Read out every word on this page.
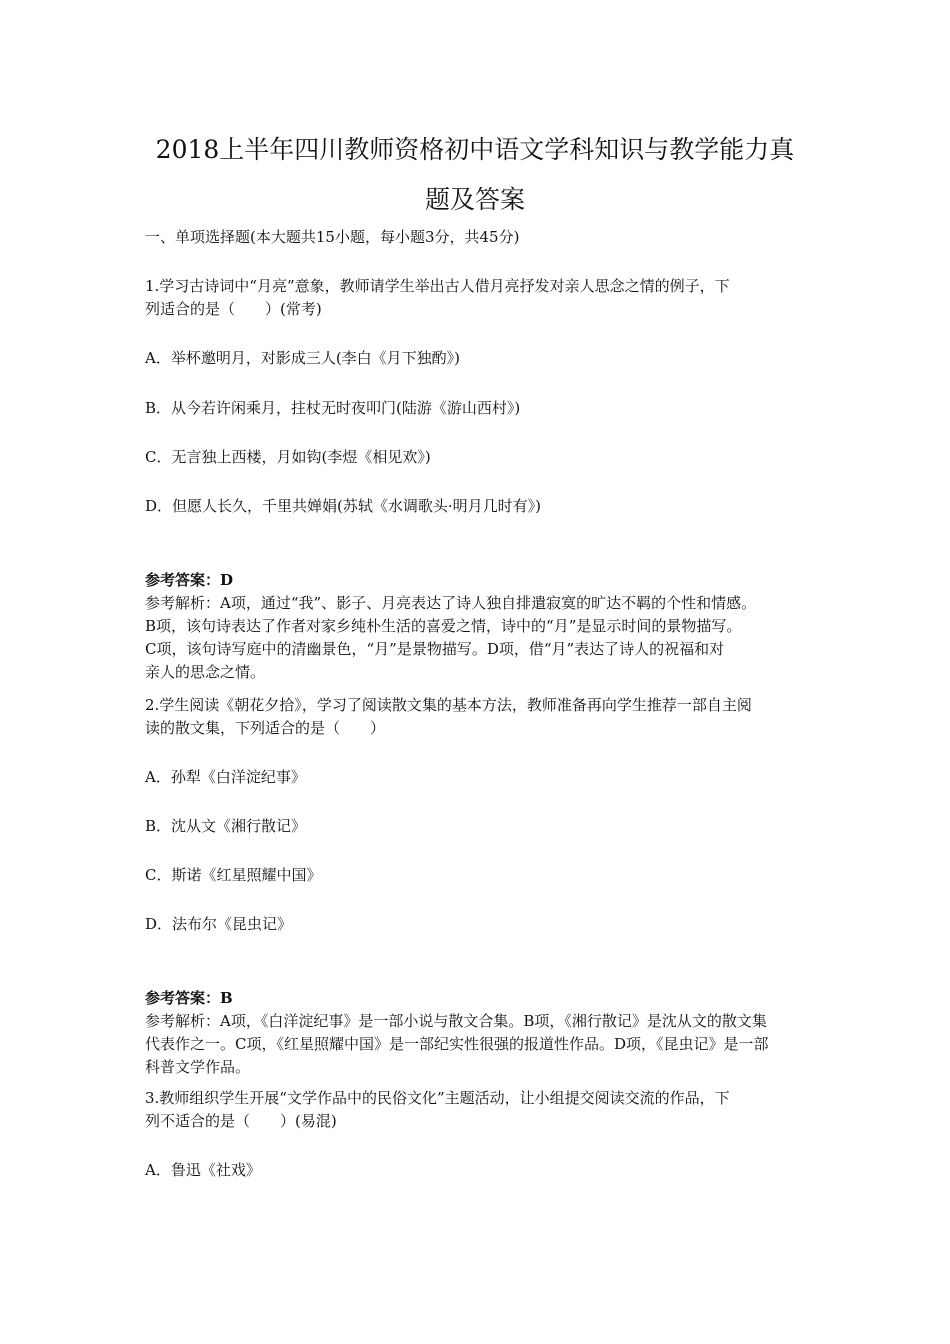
2018上半年四川教师资格初中语文学科知识与教学能力真
题及答案
一、单项选择题(本大题共15小题，每小题3分，共45分)
1.学习古诗词中“月亮”意象，教师请学生举出古人借月亮抒发对亲人思念之情的例子，下
列适合的是（　　）(常考)
A．举杯邀明月，对影成三人(李白《月下独酌》)
B．从今若许闲乘月，拄杖无时夜叩门(陆游《游山西村》)
C．无言独上西楼，月如钩(李煜《相见欢》)
D．但愿人长久，千里共婵娟(苏轼《水调歌头·明月几时有》)
参考答案：D
参考解析：A项，通过“我”、影子、月亮表达了诗人独自排遣寂寞的旷达不羁的个性和情感。
B项，该句诗表达了作者对家乡纯朴生活的喜爱之情，诗中的“月”是显示时间的景物描写。
C项，该句诗写庭中的清幽景色，“月”是景物描写。D项，借“月”表达了诗人的祝福和对
亲人的思念之情。
2.学生阅读《朝花夕拾》，学习了阅读散文集的基本方法，教师准备再向学生推荐一部自主阅
读的散文集，下列适合的是（　　）
A．孙犁《白洋淀纪事》
B．沈从文《湘行散记》
C．斯诺《红星照耀中国》
D．法布尔《昆虫记》
参考答案：B
参考解析：A项，《白洋淀纪事》是一部小说与散文合集。B项，《湘行散记》是沈从文的散文集
代表作之一。C项，《红星照耀中国》是一部纪实性很强的报道性作品。D项，《昆虫记》是一部
科普文学作品。
3.教师组织学生开展“文学作品中的民俗文化”主题活动，让小组提交阅读交流的作品，下
列不适合的是（　　）(易混)
A．鲁迅《社戏》
